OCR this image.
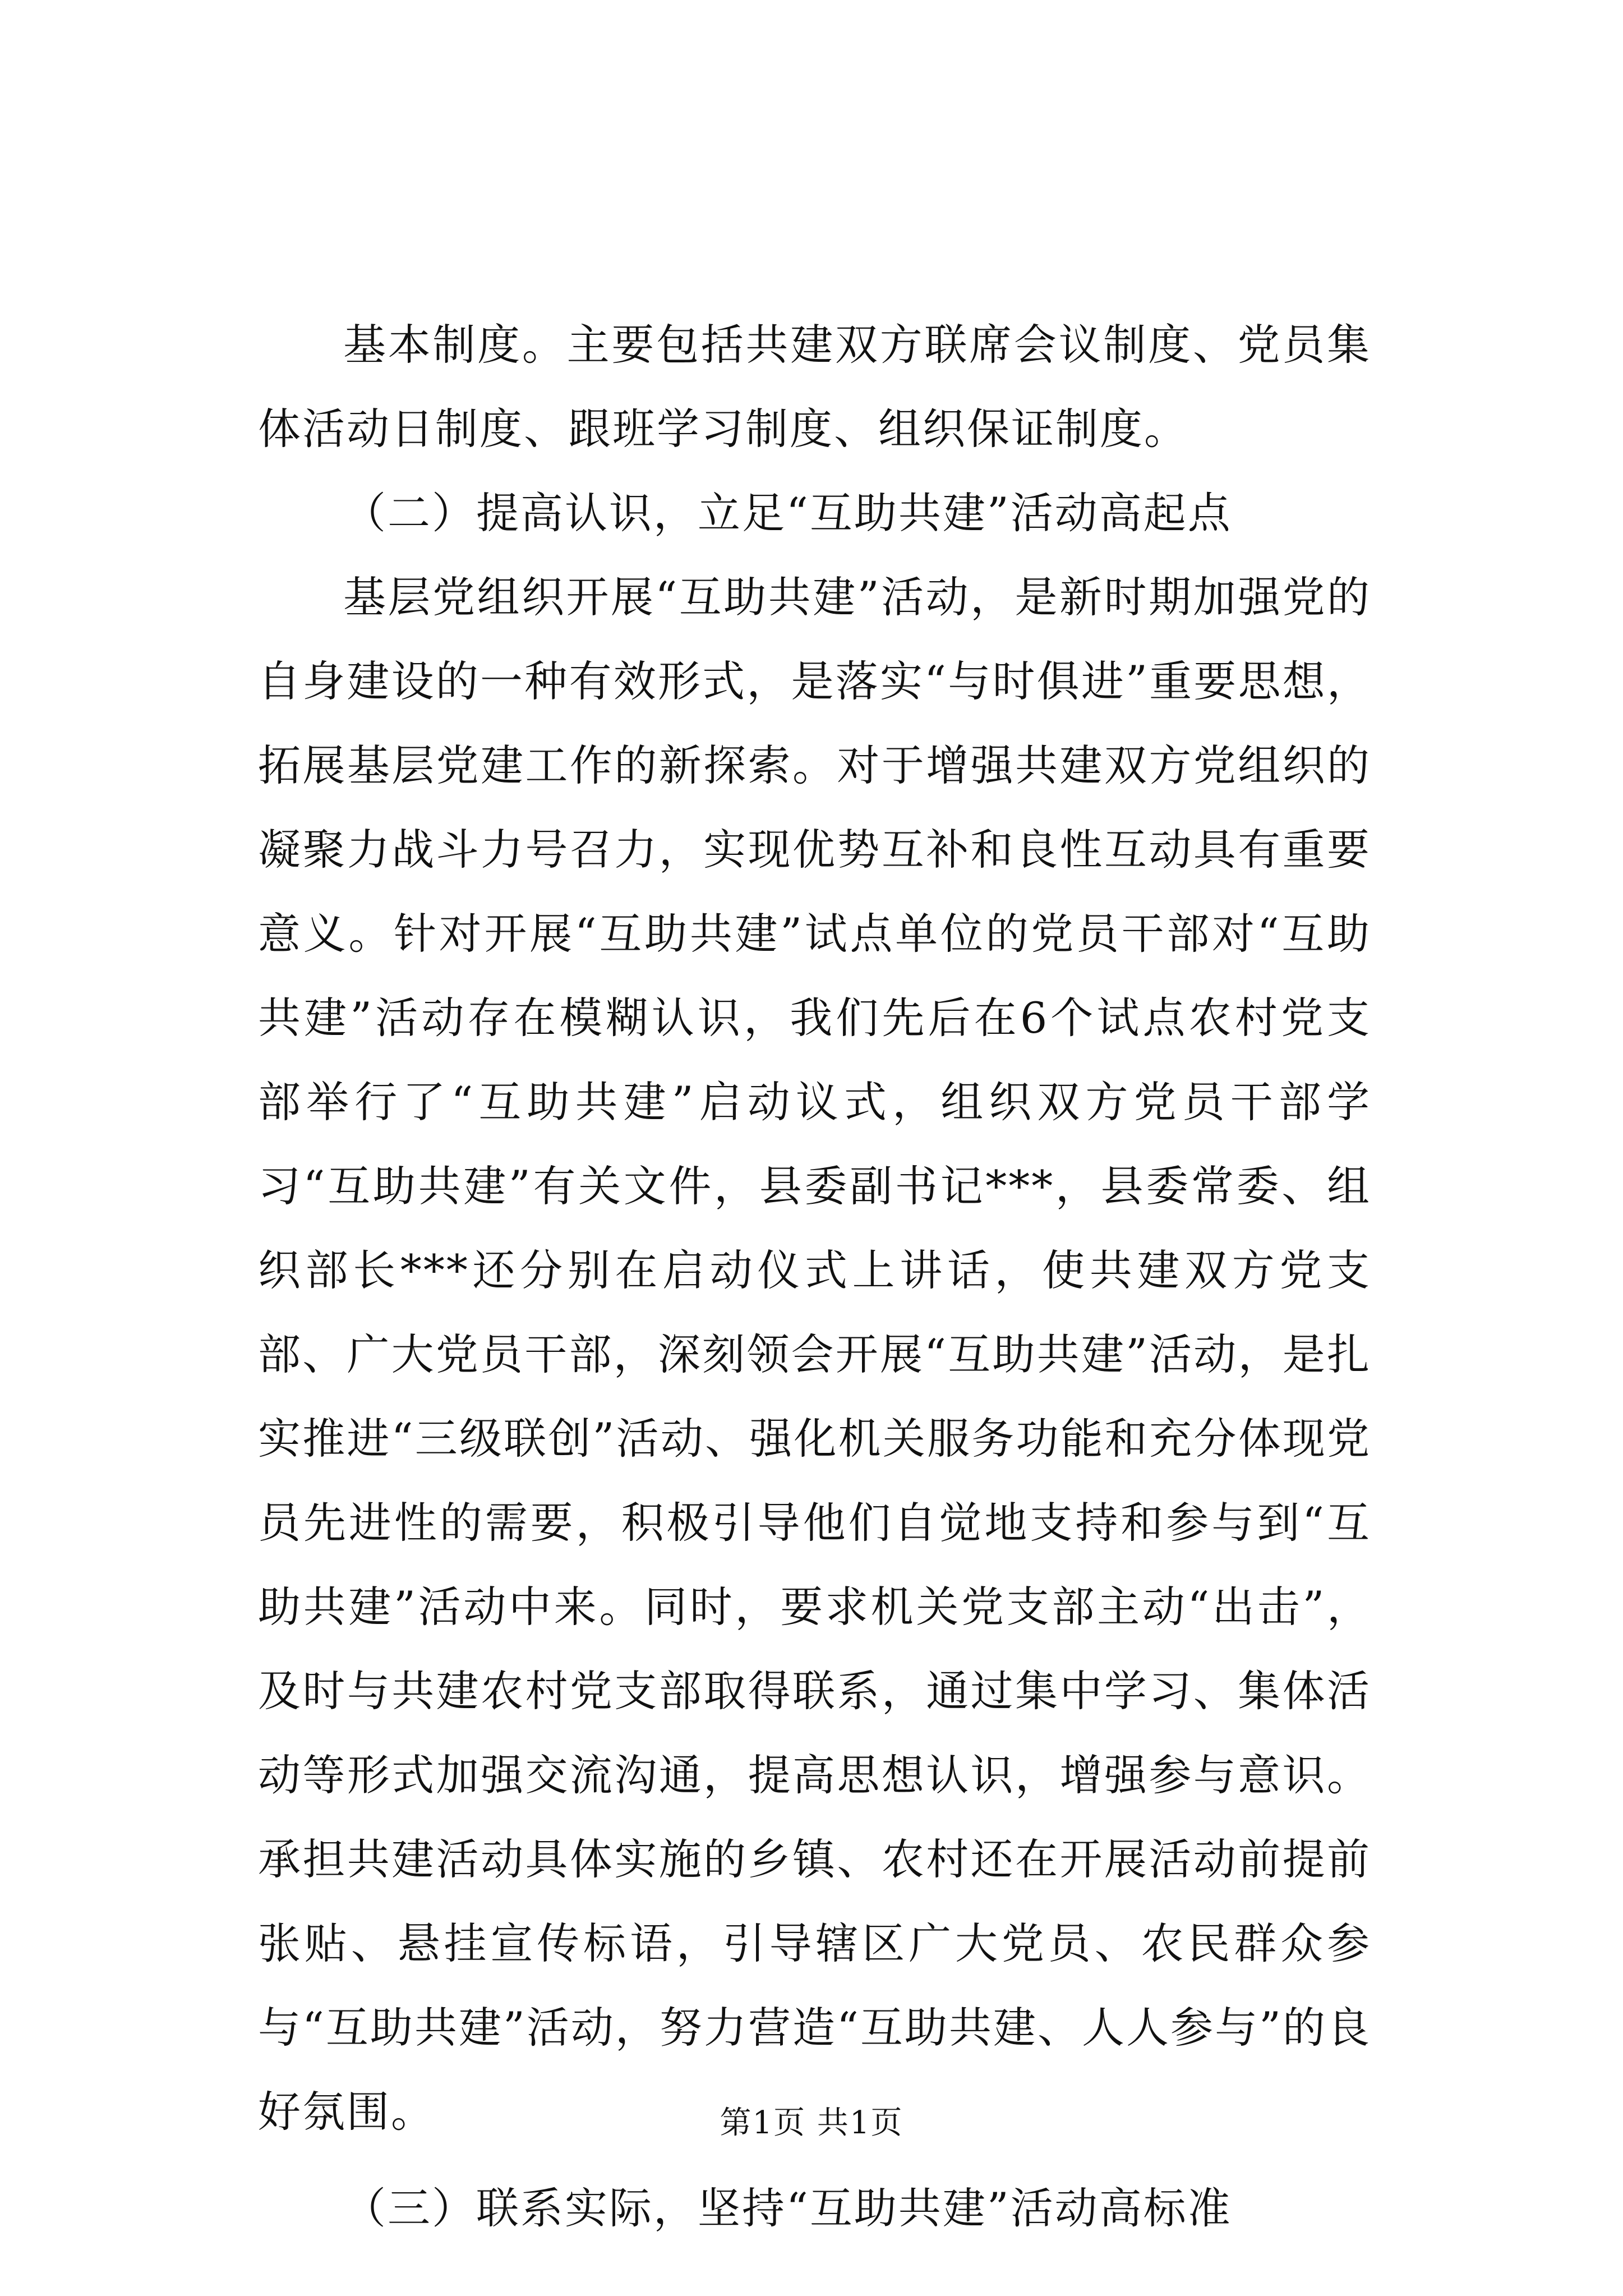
基本制度。主要包括共建双方联席会议制度、党员集体活动日制度、跟班学习制度、组织保证制度。

（二）提高认识，立足“互助共建”活动高起点

基层党组织开展“互助共建”活动，是新时期加强党的自身建设的一种有效形式，是落实“与时俱进”重要思想，拓展基层党建工作的新探索。对于增强共建双方党组织的凝聚力战斗力号召力，实现优势互补和良性互动具有重要意义。针对开展“互助共建”试点单位的党员干部对“互助共建”活动存在模糊认识，我们先后在6个试点农村党支部举行了“互助共建”启动议式，组织双方党员干部学习“互助共建”有关文件，县委副书记***，县委常委、组织部长***还分别在启动仪式上讲话，使共建双方党支部、广大党员干部，深刻领会开展“互助共建”活动，是扎实推进“三级联创”活动、强化机关服务功能和充分体现党员先进性的需要，积极引导他们自觉地支持和参与到“互助共建”活动中来。同时，要求机关党支部主动“出击”，及时与共建农村党支部取得联系，通过集中学习、集体活动等形式加强交流沟通，提高思想认识，增强参与意识。承担共建活动具体实施的乡镇、农村还在开展活动前提前张贴、悬挂宣传标语，引导辖区广大党员、农民群众参与“互助共建”活动，努力营造“互助共建、人人参与”的良好氛围。

（三）联系实际，坚持“互助共建”活动高标准

第1页 共1页
